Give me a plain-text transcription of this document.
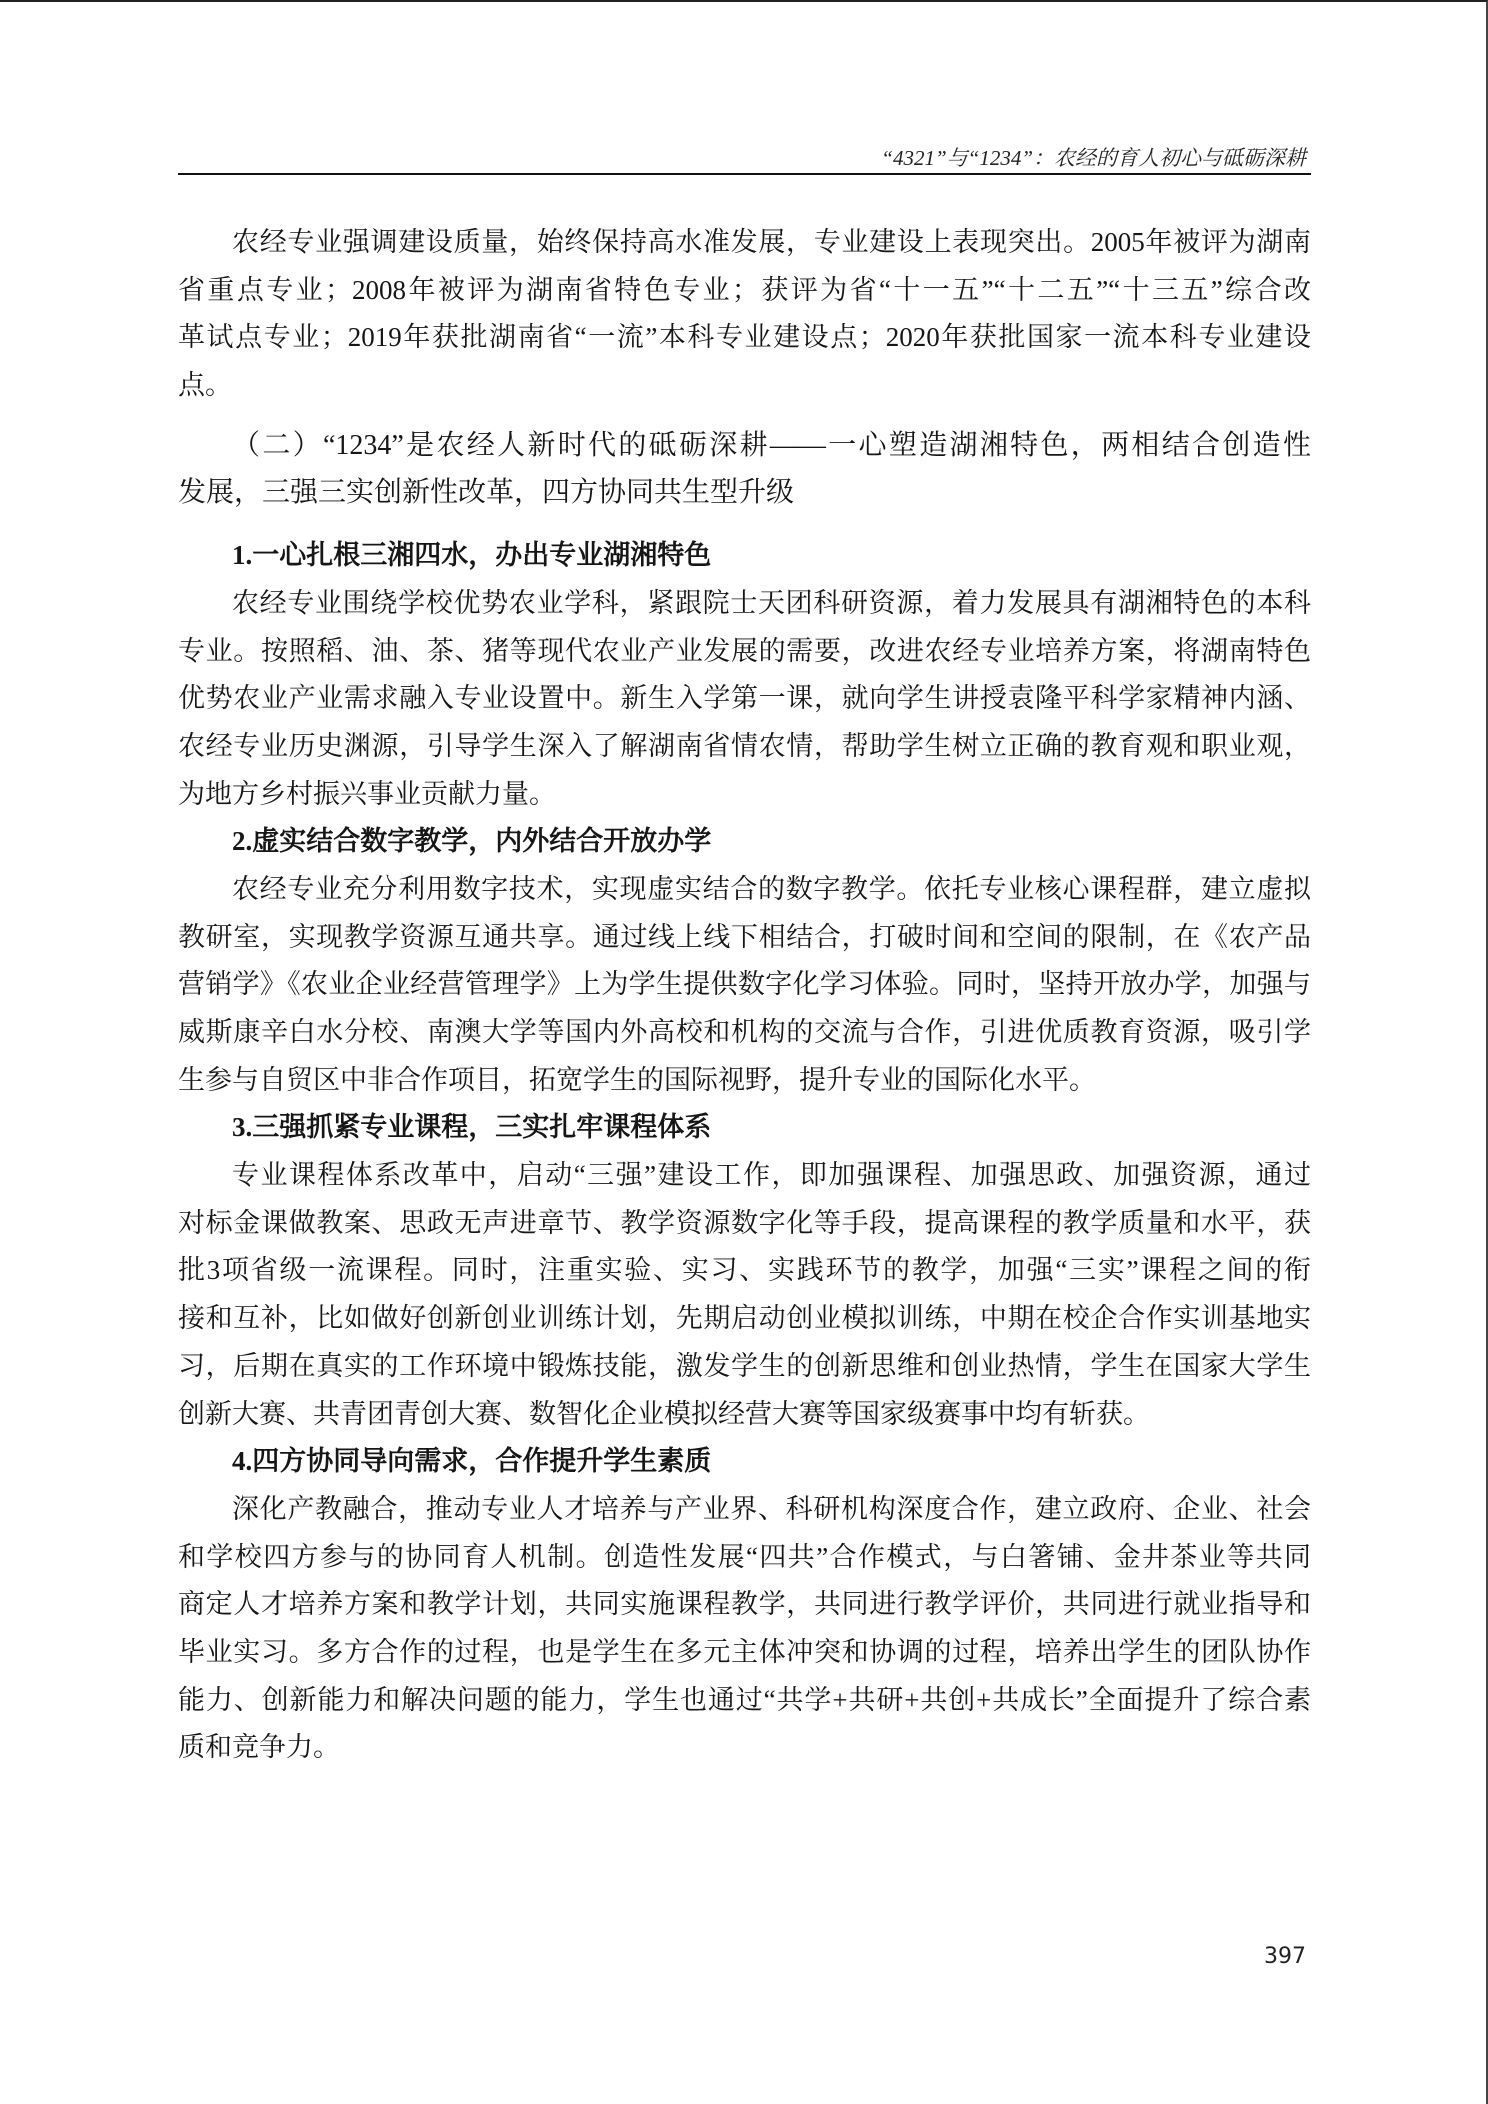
“4321”与“1234”：农经的育人初心与砥砺深耕
农经专业强调建设质量，始终保持高水准发展，专业建设上表现突出。2005年被评为湖南
省重点专业；2008年被评为湖南省特色专业；获评为省“十一五”“十二五”“十三五”综合改
革试点专业；2019年获批湖南省“一流”本科专业建设点；2020年获批国家一流本科专业建设
点。
（二）“1234”是农经人新时代的砥砺深耕——一心塑造湖湘特色，两相结合创造性
发展，三强三实创新性改革，四方协同共生型升级
1.一心扎根三湘四水，办出专业湖湘特色
农经专业围绕学校优势农业学科，紧跟院士天团科研资源，着力发展具有湖湘特色的本科
专业。按照稻、油、茶、猪等现代农业产业发展的需要，改进农经专业培养方案，将湖南特色
优势农业产业需求融入专业设置中。新生入学第一课，就向学生讲授袁隆平科学家精神内涵、
农经专业历史渊源，引导学生深入了解湖南省情农情，帮助学生树立正确的教育观和职业观，
为地方乡村振兴事业贡献力量。
2.虚实结合数字教学，内外结合开放办学
农经专业充分利用数字技术，实现虚实结合的数字教学。依托专业核心课程群，建立虚拟
教研室，实现教学资源互通共享。通过线上线下相结合，打破时间和空间的限制，在《农产品
营销学》《农业企业经营管理学》上为学生提供数字化学习体验。同时，坚持开放办学，加强与
威斯康辛白水分校、南澳大学等国内外高校和机构的交流与合作，引进优质教育资源，吸引学
生参与自贸区中非合作项目，拓宽学生的国际视野，提升专业的国际化水平。
3.三强抓紧专业课程，三实扎牢课程体系
专业课程体系改革中，启动“三强”建设工作，即加强课程、加强思政、加强资源，通过
对标金课做教案、思政无声进章节、教学资源数字化等手段，提高课程的教学质量和水平，获
批3项省级一流课程。同时，注重实验、实习、实践环节的教学，加强“三实”课程之间的衔
接和互补，比如做好创新创业训练计划，先期启动创业模拟训练，中期在校企合作实训基地实
习，后期在真实的工作环境中锻炼技能，激发学生的创新思维和创业热情，学生在国家大学生
创新大赛、共青团青创大赛、数智化企业模拟经营大赛等国家级赛事中均有斩获。
4.四方协同导向需求，合作提升学生素质
深化产教融合，推动专业人才培养与产业界、科研机构深度合作，建立政府、企业、社会
和学校四方参与的协同育人机制。创造性发展“四共”合作模式，与白箸铺、金井茶业等共同
商定人才培养方案和教学计划，共同实施课程教学，共同进行教学评价，共同进行就业指导和
毕业实习。多方合作的过程，也是学生在多元主体冲突和协调的过程，培养出学生的团队协作
能力、创新能力和解决问题的能力，学生也通过“共学+共研+共创+共成长”全面提升了综合素
质和竞争力。
397
